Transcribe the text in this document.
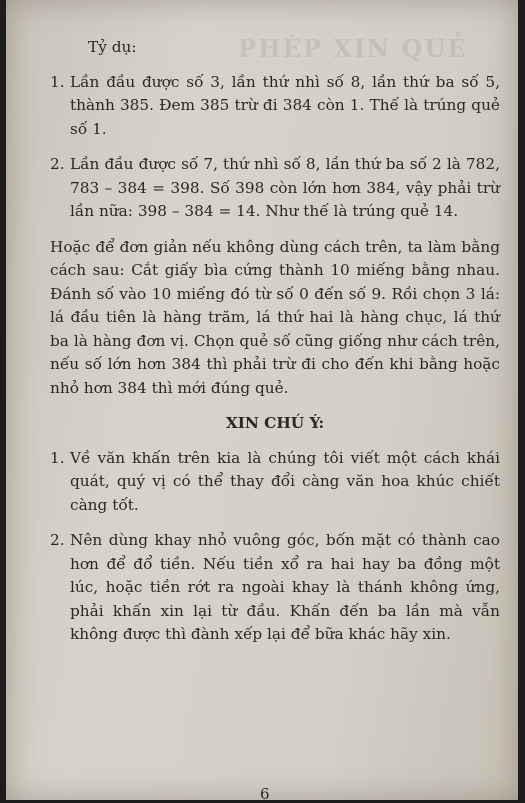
PHÉP XIN QUẺ
Tỷ dụ:
1. Lần đầu được số 3, lần thứ nhì số 8, lần thứ ba số 5, thành 385. Đem 385 trừ đi 384 còn 1. Thế là trúng quẻ số 1.
2. Lần đầu được số 7, thứ nhì số 8, lần thứ ba số 2 là 782, 783 – 384 = 398. Số 398 còn lớn hơn 384, vậy phải trừ lần nữa: 398 – 384 = 14. Như thế là trúng quẻ 14.

Hoặc để đơn giản nếu không dùng cách trên, ta làm bằng cách sau: Cắt giấy bìa cứng thành 10 miếng bằng nhau. Đánh số vào 10 miếng đó từ số 0 đến số 9. Rồi chọn 3 lá: lá đầu tiên là hàng trăm, lá thứ hai là hàng chục, lá thứ ba là hàng đơn vị. Chọn quẻ số cũng giống như cách trên, nếu số lớn hơn 384 thì phải trừ đi cho đến khi bằng hoặc nhỏ hơn 384 thì mới đúng quẻ.

XIN CHÚ Ý:
1. Về văn khấn trên kia là chúng tôi viết một cách khái quát, quý vị có thể thay đổi càng văn hoa khúc chiết càng tốt.
2. Nên dùng khay nhỏ vuông góc, bốn mặt có thành cao hơn để đổ tiền. Nếu tiền xổ ra hai hay ba đồng một lúc, hoặc tiền rớt ra ngoài khay là thánh không ứng, phải khấn xin lại từ đầu. Khấn đến ba lần mà vẫn không được thì đành xếp lại để bữa khác hãy xin.
6
